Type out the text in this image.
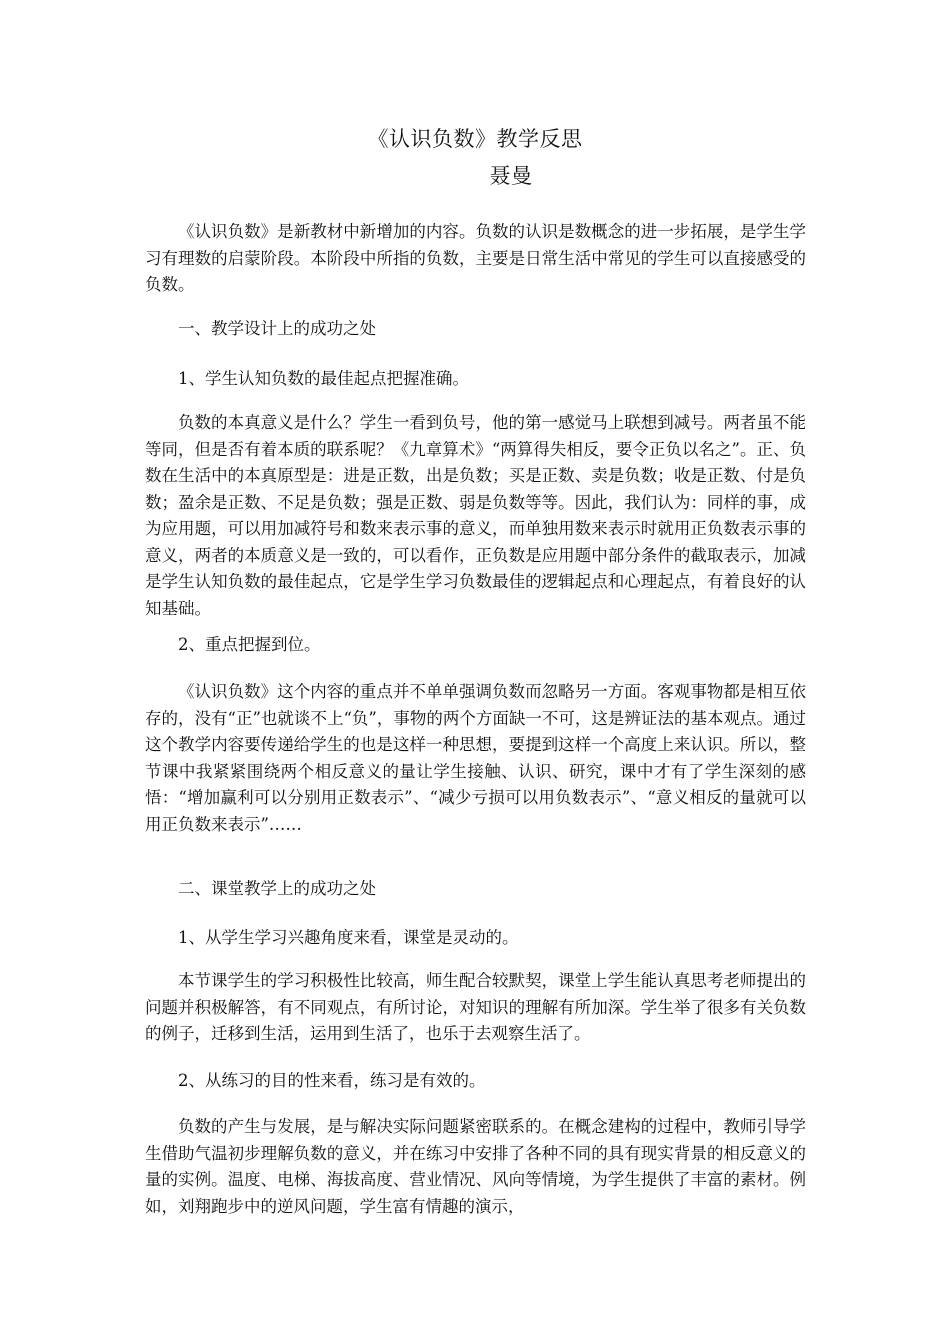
《认识负数》教学反思
聂曼

《认识负数》是新教材中新增加的内容。负数的认识是数概念的进一步拓展，是学生学习有理数的启蒙阶段。本阶段中所指的负数，主要是日常生活中常见的学生可以直接感受的负数。

一、教学设计上的成功之处

1、学生认知负数的最佳起点把握准确。

负数的本真意义是什么？学生一看到负号，他的第一感觉马上联想到减号。两者虽不能等同，但是否有着本质的联系呢？《九章算术》“两算得失相反，要令正负以名之”。正、负数在生活中的本真原型是：进是正数，出是负数；买是正数、卖是负数；收是正数、付是负数；盈余是正数、不足是负数；强是正数、弱是负数等等。因此，我们认为：同样的事，成为应用题，可以用加减符号和数来表示事的意义，而单独用数来表示时就用正负数表示事的意义，两者的本质意义是一致的，可以看作，正负数是应用题中部分条件的截取表示，加减是学生认知负数的最佳起点，它是学生学习负数最佳的逻辑起点和心理起点，有着良好的认知基础。

2、重点把握到位。

《认识负数》这个内容的重点并不单单强调负数而忽略另一方面。客观事物都是相互依存的，没有“正”也就谈不上“负”，事物的两个方面缺一不可，这是辨证法的基本观点。通过这个教学内容要传递给学生的也是这样一种思想，要提到这样一个高度上来认识。所以，整节课中我紧紧围绕两个相反意义的量让学生接触、认识、研究，课中才有了学生深刻的感悟：“增加赢利可以分别用正数表示”、“减少亏损可以用负数表示”、“意义相反的量就可以用正负数来表示”……

二、课堂教学上的成功之处

1、从学生学习兴趣角度来看，课堂是灵动的。

本节课学生的学习积极性比较高，师生配合较默契，课堂上学生能认真思考老师提出的问题并积极解答，有不同观点，有所讨论，对知识的理解有所加深。学生举了很多有关负数的例子，迁移到生活，运用到生活了，也乐于去观察生活了。

2、从练习的目的性来看，练习是有效的。

负数的产生与发展，是与解决实际问题紧密联系的。在概念建构的过程中，教师引导学生借助气温初步理解负数的意义，并在练习中安排了各种不同的具有现实背景的相反意义的量的实例。温度、电梯、海拔高度、营业情况、风向等情境，为学生提供了丰富的素材。例如，刘翔跑步中的逆风问题，学生富有情趣的演示，
